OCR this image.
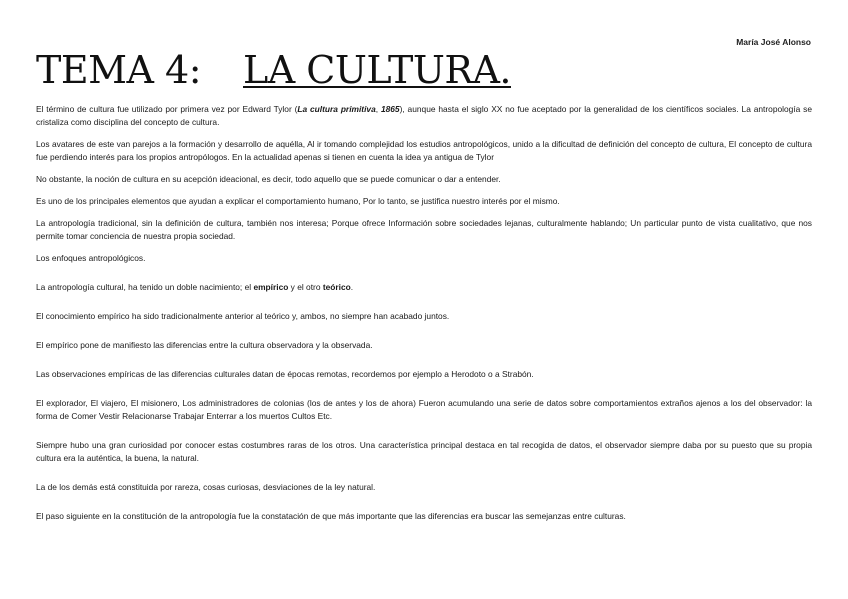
María José Alonso
TEMA 4: LA CULTURA.

El término de cultura fue utilizado por primera vez por Edward Tylor (La cultura primitiva, 1865), aunque hasta el siglo XX no fue aceptado por la generalidad de los científicos sociales. La antropología se cristaliza como disciplina del concepto de cultura.

Los avatares de este van parejos a la formación y desarrollo de aquélla, Al ir tomando complejidad los estudios antropológicos, unido a la dificultad de definición del concepto de cultura, El concepto de cultura fue perdiendo interés para los propios antropólogos. En la actualidad apenas si tienen en cuenta la idea ya antigua de Tylor

No obstante, la noción de cultura en su acepción ideacional, es decir, todo aquello que se puede comunicar o dar a entender.

Es uno de los principales elementos que ayudan a explicar el comportamiento humano, Por lo tanto, se justifica nuestro interés por el mismo.

La antropología tradicional, sin la definición de cultura, también nos interesa; Porque ofrece Información sobre sociedades lejanas, culturalmente hablando; Un particular punto de vista cualitativo, que nos permite tomar conciencia de nuestra propia sociedad.

Los enfoques antropológicos.

La antropología cultural, ha tenido un doble nacimiento; el empírico y el otro teórico.

El conocimiento empírico ha sido tradicionalmente anterior al teórico y, ambos, no siempre han acabado juntos.

El empírico pone de manifiesto las diferencias entre la cultura observadora y la observada.

Las observaciones empíricas de las diferencias culturales datan de épocas remotas, recordemos por ejemplo a Herodoto o a Strabón.

El explorador, El viajero, El misionero, Los administradores de colonias (los de antes y los de ahora) Fueron acumulando una serie de datos sobre comportamientos extraños ajenos a los del observador: la forma de Comer Vestir Relacionarse Trabajar Enterrar a los muertos Cultos Etc.

Siempre hubo una gran curiosidad por conocer estas costumbres raras de los otros. Una característica principal destaca en tal recogida de datos, el observador siempre daba por su puesto que su propia cultura era la auténtica, la buena, la natural.

La de los demás está constituida por rareza, cosas curiosas, desviaciones de la ley natural.

El paso siguiente en la constitución de la antropología fue la constatación de que más importante que las diferencias era buscar las semejanzas entre culturas.
